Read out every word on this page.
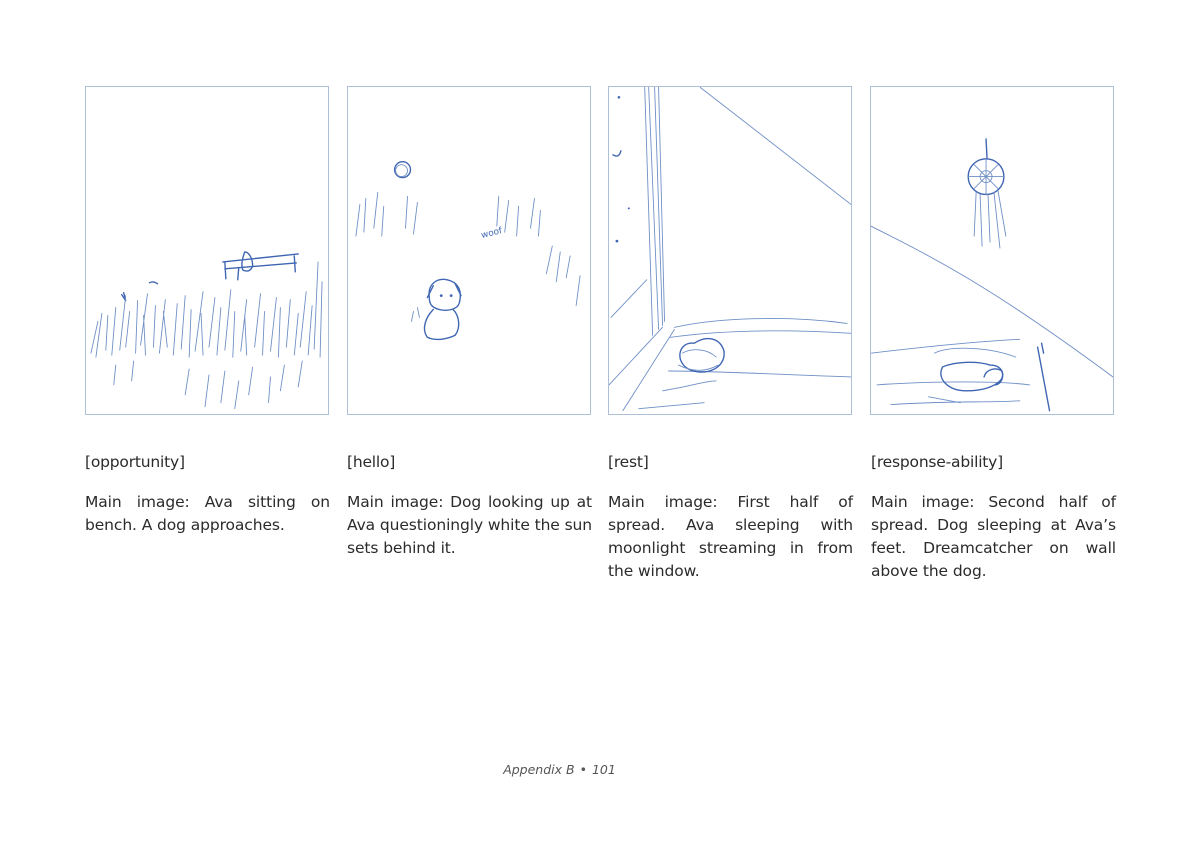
woof

[opportunity]

Main image: Ava sitting on bench. A dog approaches.

[hello]

Main image: Dog looking up at Ava questioningly white the sun sets behind it.

[rest]

Main image: First half of spread. Ava sleeping with moonlight streaming in from the window.

[response-ability]

Main image: Second half of spread. Dog sleeping at Ava’s feet. Dreamcatcher on wall above the dog.

Appendix B • 101
